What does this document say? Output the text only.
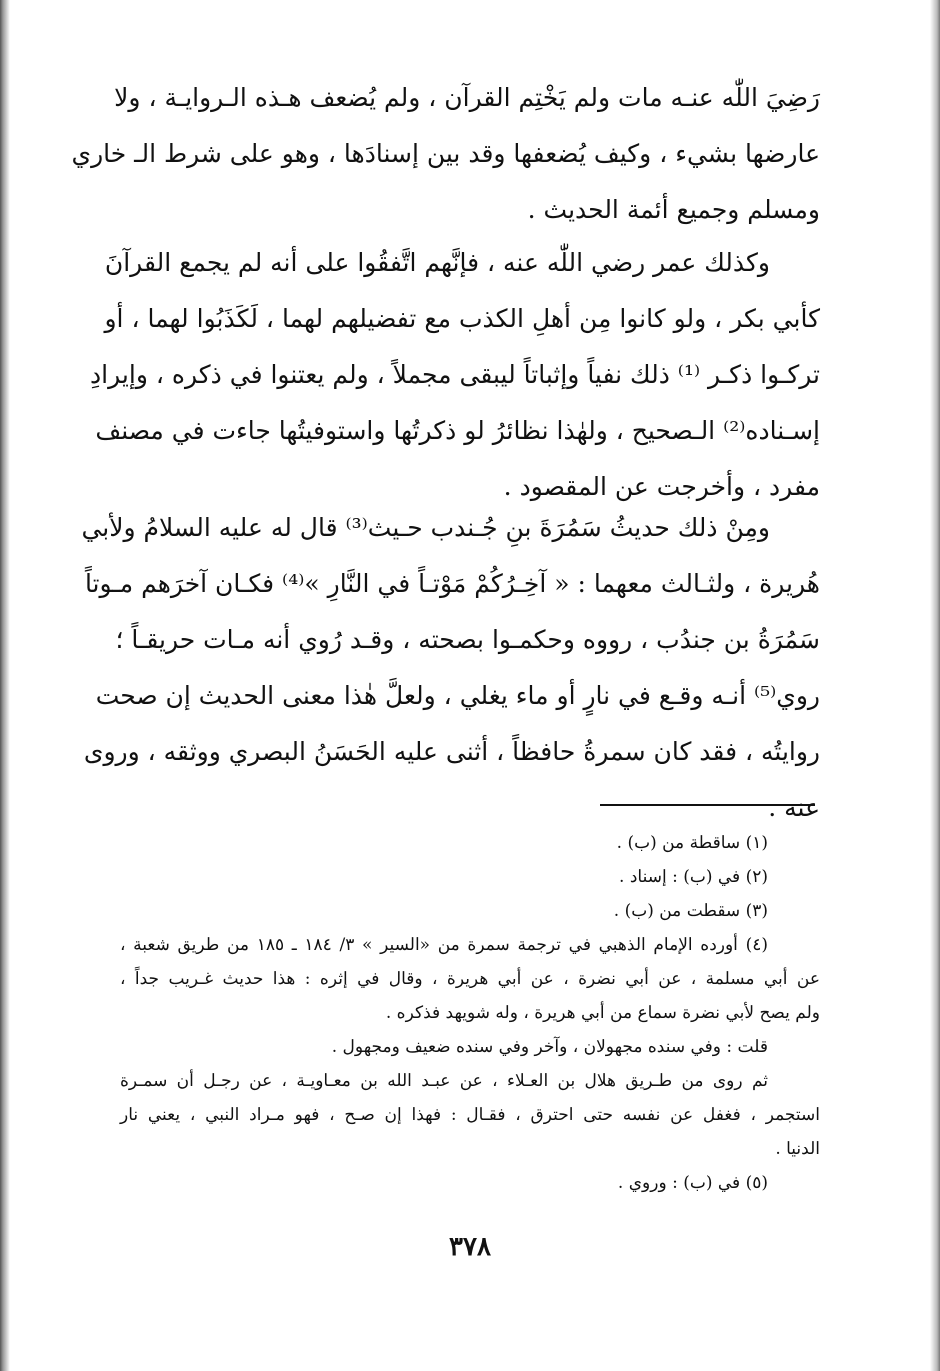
رَضِيَ اللّٰه عنـه مات ولم يَخْتِم القرآن ، ولم يُضعف هـذه الـروايـة ، ولا
عارضها بشيء ، وكيف يُضعفها وقد بين إسنادَها ، وهو على شرط الـ خاري
ومسلم وجميع أئمة الحديث .
وكذلك عمر رضي اللّٰه عنه ، فإنَّهم اتَّفقُوا على أنه لم يجمع القرآنَ
كأبي بكر ، ولو كانوا مِن أهلِ الكذب مع تفضيلهم لهما ، لَكَذَبُوا لهما ، أو
تركـوا ذكـر ⁽¹⁾ ذلك نفياً وإثباتاً ليبقى مجملاً ، ولم يعتنوا في ذكره ، وإيرادِ
إسـناده⁽²⁾ الـصحيح ، ولهٰذا نظائرُ لو ذكرتُها واستوفيتُها جاءت في مصنف
مفرد ، وأخرجت عن المقصود .
ومِنْ ذلك حديثُ سَمُرَةَ بنِ جُـندب حـيث⁽³⁾ قال له عليه السلامُ ولأبي
هُريرة ، ولثـالث معهما : « آخِـرُكُمْ مَوْتـاً في النَّارِ »⁽⁴⁾ فكـان آخرَهم مـوتاً
سَمُرَةُ بن جندُب ، رووه وحكمـوا بصحته ، وقـد رُوي أنه مـات حريقـاً ؛
روي⁽⁵⁾ أنـه وقـع في نارٍ أو ماء يغلي ، ولعلَّ هٰذا معنى الحديث إن صحت
روايتُه ، فقد كان سمرةُ حافظاً ، أثنى عليه الحَسَنُ البصري ووثقه ، وروى
عنه .
(١) ساقطة من (ب) .
(٢) في (ب) : إسناد .
(٣) سقطت من (ب) .
(٤) أورده الإمام الذهبي في ترجمة سمرة من «السير » ٣/ ١٨٤ ـ ١٨٥ من طريق شعبة ،
عن أبي مسلمة ، عن أبي نضرة ، عن أبي هريرة ، وقال في إثره : هذا حديث غـريب جداً ،
ولم يصح لأبي نضرة سماع من أبي هريرة ، وله شويهد فذكره .
قلت : وفي سنده مجهولان ، وآخر وفي سنده ضعيف ومجهول .
ثم روى من طـريق هلال بن العـلاء ، عن عبـد الله بن معـاويـة ، عن رجـل أن سمـرة
استجمر ، فغفل عن نفسه حتى احترق ، فقـال : فهذا إن صـح ، فهو مـراد النبي ، يعني نار
الدنيا .
(٥) في (ب) : وروي .
٣٧٨
